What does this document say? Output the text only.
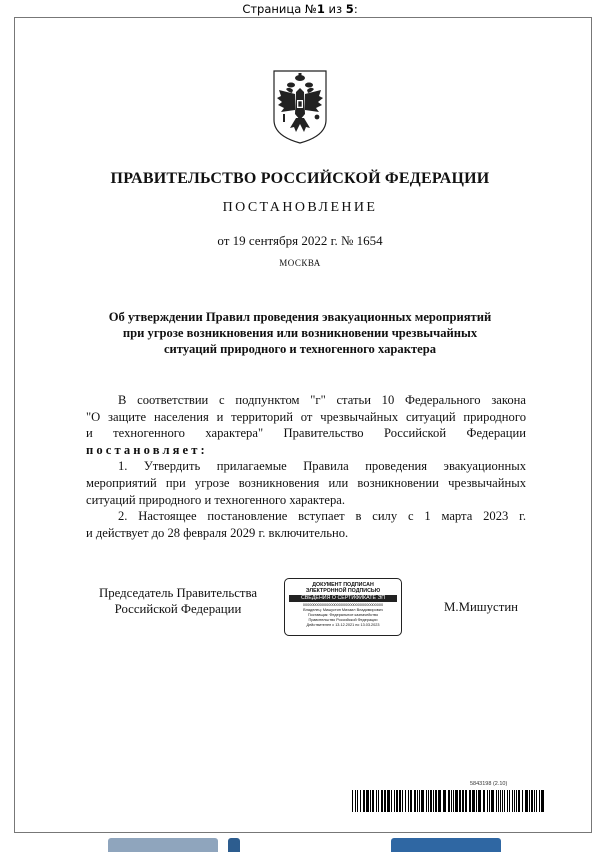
Страница №1 из 5:
ПРАВИТЕЛЬСТВО РОССИЙСКОЙ ФЕДЕРАЦИИ
ПОСТАНОВЛЕНИЕ
от 19 сентября 2022 г. № 1654
МОСКВА
Об утверждении Правил проведения эвакуационных мероприятий
при угрозе возникновения или возникновении чрезвычайных
ситуаций природного и техногенного характера
В соответствии с подпунктом "г" статьи 10 Федерального закона
"О защите населения и территорий от чрезвычайных ситуаций природного
и техногенного характера" Правительство Российской Федерации
постановляет:
1. Утвердить прилагаемые Правила проведения эвакуационных
мероприятий при угрозе возникновения или возникновении чрезвычайных
ситуаций природного и техногенного характера.
2. Настоящее постановление вступает в силу с 1 марта 2023 г.
и действует до 28 февраля 2029 г. включительно.
Председатель Правительства
Российской Федерации
ДОКУМЕНТ ПОДПИСАН
ЭЛЕКТРОННОЙ ПОДПИСЬЮ
СВЕДЕНИЯ О СЕРТИФИКАТЕ ЭП
00000000000000000000000000000000000000
Владелец: Мишустин Михаил Владимирович
Поставщик: Федеральное казначейство
Правительство Российской Федерации
Действителен с 13.12.2021 по 13.03.2023
М.Мишустин
5843198 (2.10)
